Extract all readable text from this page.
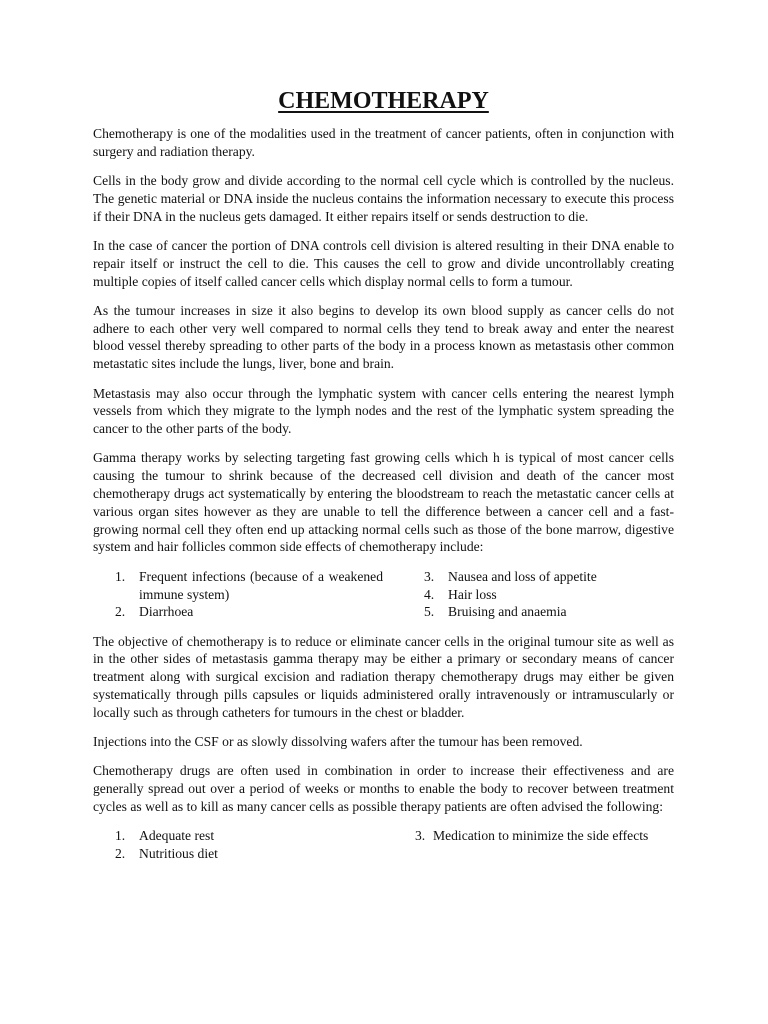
CHEMOTHERAPY

Chemotherapy is one of the modalities used in the treatment of cancer patients, often in conjunction with surgery and radiation therapy.

Cells in the body grow and divide according to the normal cell cycle which is controlled by the nucleus. The genetic material or DNA inside the nucleus contains the information necessary to execute this process if their DNA in the nucleus gets damaged. It either repairs itself or sends destruction to die.

In the case of cancer the portion of DNA controls cell division is altered resulting in their DNA enable to repair itself or instruct the cell to die. This causes the cell to grow and divide uncontrollably creating multiple copies of itself called cancer cells which display normal cells to form a tumour.

As the tumour increases in size it also begins to develop its own blood supply as cancer cells do not adhere to each other very well compared to normal cells they tend to break away and enter the nearest blood vessel thereby spreading to other parts of the body in a process known as metastasis other common metastatic sites include the lungs, liver, bone and brain.

Metastasis may also occur through the lymphatic system with cancer cells entering the nearest lymph vessels from which they migrate to the lymph nodes and the rest of the lymphatic system spreading the cancer to the other parts of the body.

Gamma therapy works by selecting targeting fast growing cells which h is typical of most cancer cells causing the tumour to shrink because of the decreased cell division and death of the cancer most chemotherapy drugs act systematically by entering the bloodstream to reach the metastatic cancer cells at various organ sites however as they are unable to tell the difference between a cancer cell and a fast-growing normal cell they often end up attacking normal cells such as those of the bone marrow, digestive system and hair follicles common side effects of chemotherapy include:

1.	Frequent infections (because of a weakened immune system)
2.	Diarrhoea
3.	Nausea and loss of appetite
4.	Hair loss
5.	Bruising and anaemia

The objective of chemotherapy is to reduce or eliminate cancer cells in the original tumour site as well as in the other sides of metastasis gamma therapy may be either a primary or secondary means of cancer treatment along with surgical excision and radiation therapy chemotherapy drugs may either be given systematically through pills capsules or liquids administered orally intravenously or intramuscularly or locally such as through catheters for tumours in the chest or bladder.

Injections into the CSF or as slowly dissolving wafers after the tumour has been removed.

Chemotherapy drugs are often used in combination in order to increase their effectiveness and are generally spread out over a period of weeks or months to enable the body to recover between treatment cycles as well as to kill as many cancer cells as possible therapy patients are often advised the following:

1.	Adequate rest
2.	Nutritious diet
3. Medication to minimize the side effects
